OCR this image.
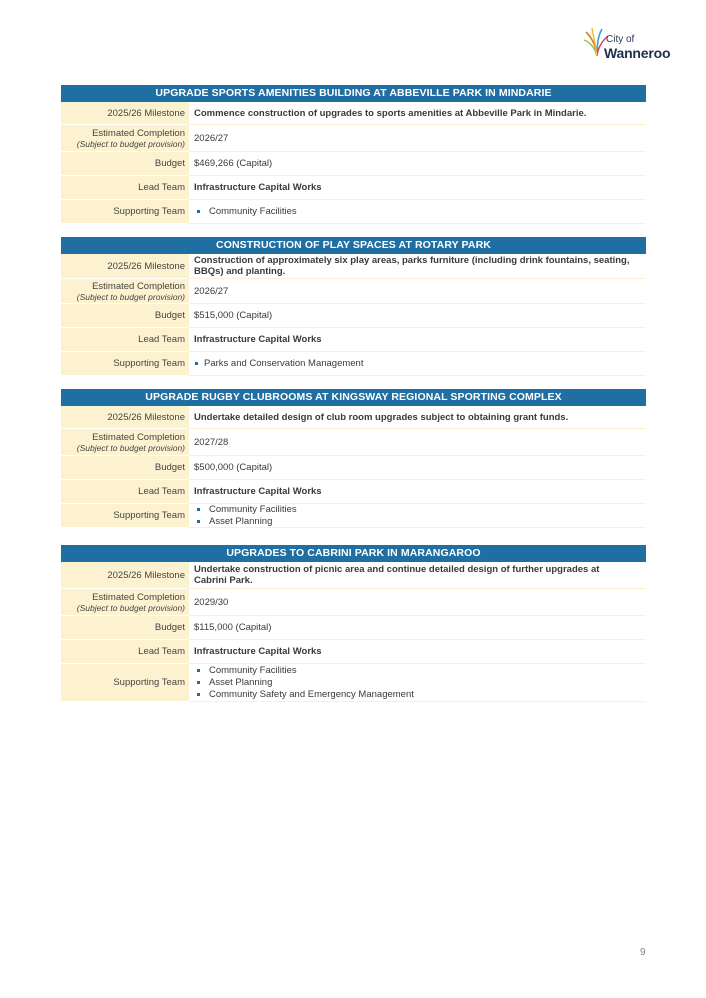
City of
Wanneroo
UPGRADE SPORTS AMENITIES BUILDING AT ABBEVILLE PARK IN MINDARIE
2025/26 Milestone Commence construction of upgrades to sports amenities at Abbeville Park in Mindarie.
Estimated Completion
(Subject to budget provision) 2026/27
Budget $469,266 (Capital)
Lead Team Infrastructure Capital Works
Supporting Team	Community Facilities
CONSTRUCTION OF PLAY SPACES AT ROTARY PARK
2025/26 Milestone Construction of approximately six play areas, parks furniture (including drink fountains, seating, BBQs) and planting.
Estimated Completion
(Subject to budget provision) 2026/27
Budget $515,000 (Capital)
Lead Team Infrastructure Capital Works
Supporting Team	Parks and Conservation Management
UPGRADE RUGBY CLUBROOMS AT KINGSWAY REGIONAL SPORTING COMPLEX
2025/26 Milestone Undertake detailed design of club room upgrades subject to obtaining grant funds.
Estimated Completion
(Subject to budget provision) 2027/28
Budget $500,000 (Capital)
Lead Team Infrastructure Capital Works
Supporting Team
Community Facilities
Asset Planning
UPGRADES TO CABRINI PARK IN MARANGAROO
2025/26 Milestone Undertake construction of picnic area and continue detailed design of further upgrades at Cabrini Park.
Estimated Completion
(Subject to budget provision) 2029/30
Budget $115,000 (Capital)
Lead Team Infrastructure Capital Works
Supporting Team
Community Facilities
Asset Planning
Community Safety and Emergency Management
9
